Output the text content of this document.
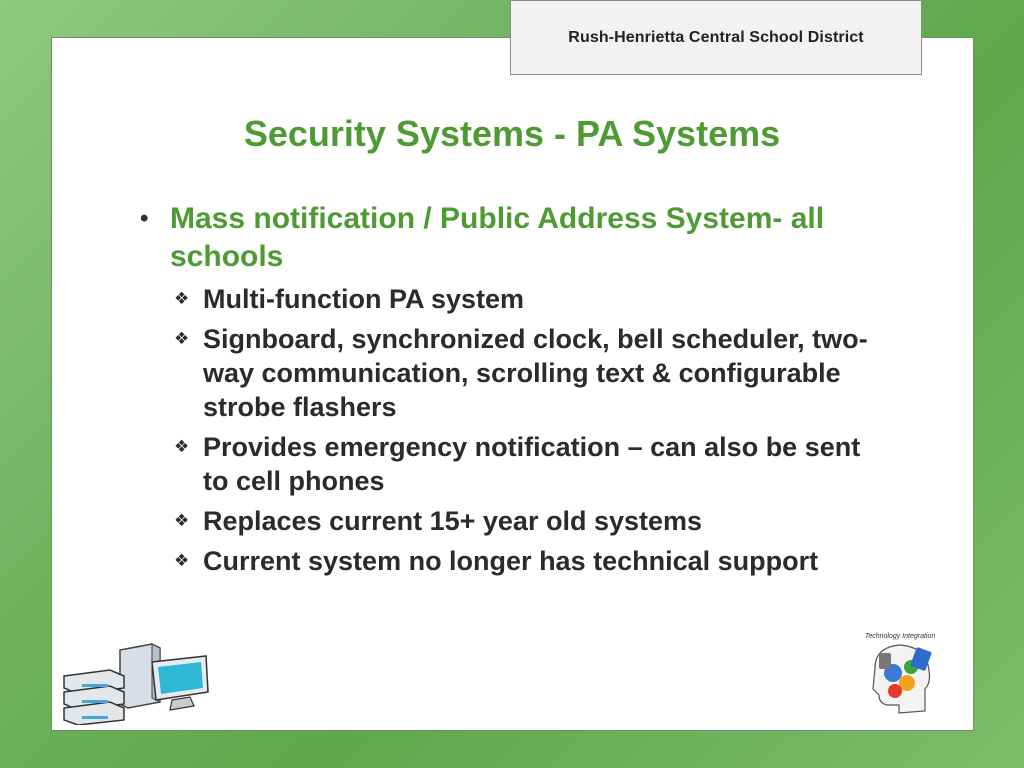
Rush-Henrietta Central School District
Security Systems - PA Systems
• Mass notification / Public Address System- all schools
❖ Multi-function PA system
❖ Signboard, synchronized clock, bell scheduler, two-way communication, scrolling text & configurable strobe flashers
❖ Provides emergency notification – can also be sent to cell phones
❖ Replaces current 15+ year old systems
❖ Current system no longer has technical support
Technology Integration
